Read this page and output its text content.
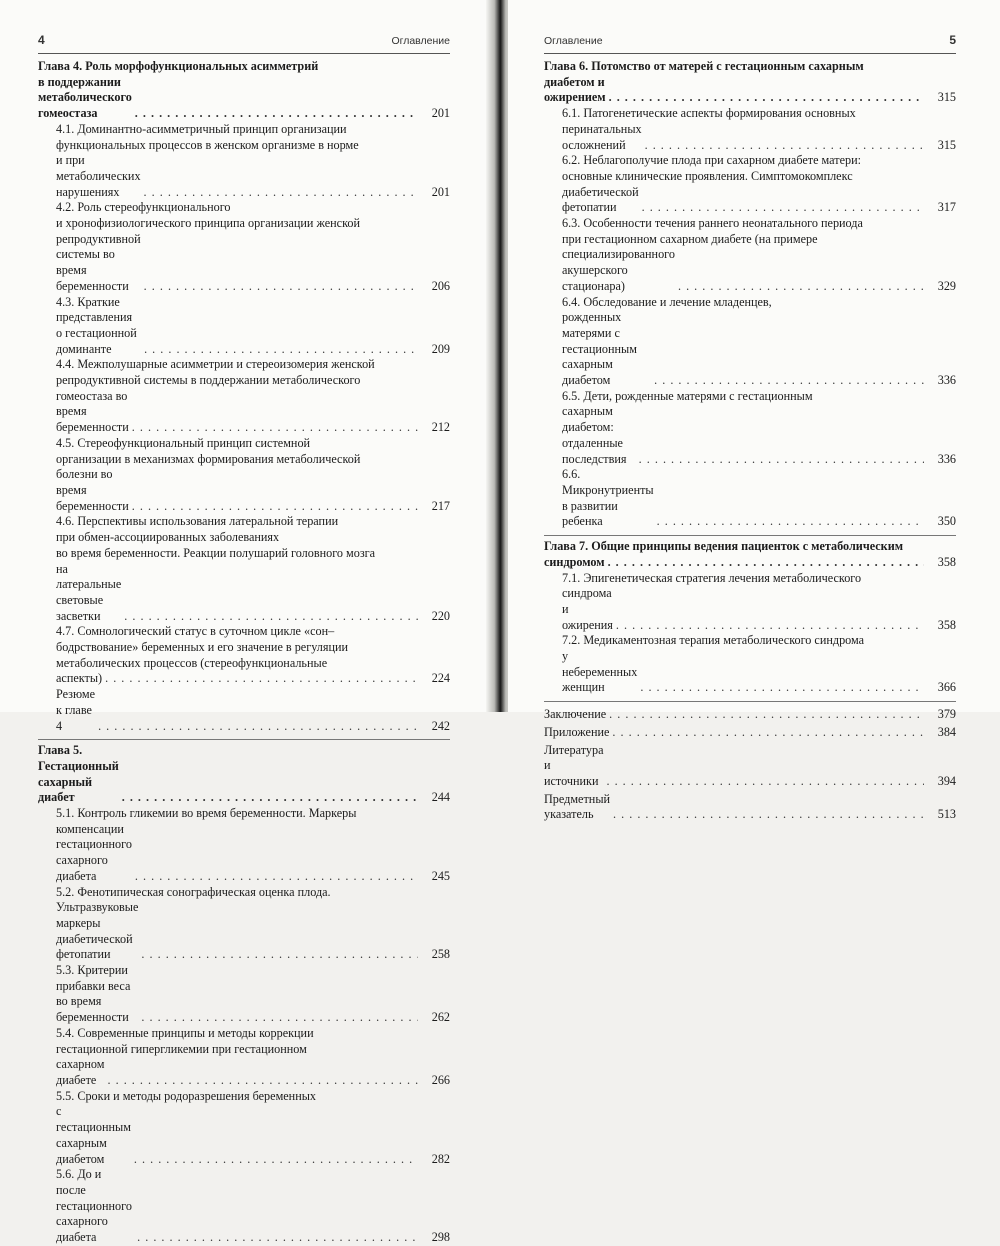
4	Оглавление
Глава 4. Роль морфофункциональных асимметрий
в поддержании метаболического гомеостаза . . .	201
4.1. Доминантно-асимметричный принцип организации
функциональных процессов в женском организме в норме
и при метаболических нарушениях . . .	201
4.2. Роль стереофункционального
и хронофизиологического принципа организации женской
репродуктивной системы во время беременности . . .	206
4.3. Краткие представления о гестационной доминанте . . .	209
4.4. Межполушарные асимметрии и стереоизомерия женской
репродуктивной системы в поддержании метаболического
гомеостаза во время беременности . . .	212
4.5. Стереофункциональный принцип системной
организации в механизмах формирования метаболической
болезни во время беременности . . .	217
4.6. Перспективы использования латеральной терапии
при обмен-ассоциированных заболеваниях
во время беременности. Реакции полушарий головного мозга
на латеральные световые засветки . . .	220
4.7. Сомнологический статус в суточном цикле «сон–
бодрствование» беременных и его значение в регуляции
метаболических процессов (стереофункциональные
аспекты) . . .	224
Резюме к главе 4 . . .	242
Глава 5. Гестационный сахарный диабет . . .	244
5.1. Контроль гликемии во время беременности. Маркеры
компенсации гестационного сахарного диабета . . .	245
5.2. Фенотипическая сонографическая оценка плода.
Ультразвуковые маркеры диабетической фетопатии . . .	258
5.3. Критерии прибавки веса во время беременности . . .	262
5.4. Современные принципы и методы коррекции
гестационной гипергликемии при гестационном
сахарном диабете . . .	266
5.5. Сроки и методы родоразрешения беременных
с гестационным сахарным диабетом . . .	282
5.6. До и после гестационного сахарного диабета . . .	298
Оглавление	5
Глава 6. Потомство от матерей с гестационным сахарным
диабетом и ожирением . . .	315
6.1. Патогенетические аспекты формирования основных
перинатальных осложнений . . .	315
6.2. Неблагополучие плода при сахарном диабете матери:
основные клинические проявления. Симптомокомплекс
диабетической фетопатии . . .	317
6.3. Особенности течения раннего неонатального периода
при гестационном сахарном диабете (на примере
специализированного акушерского стационара) . . .	329
6.4. Обследование и лечение младенцев,
рожденных матерями с гестационным сахарным диабетом . . .	336
6.5. Дети, рожденные матерями с гестационным
сахарным диабетом: отдаленные последствия . . .	336
6.6. Микронутриенты в развитии ребенка . . .	350
Глава 7. Общие принципы ведения пациенток с метаболическим
синдромом . . .	358
7.1. Эпигенетическая стратегия лечения метаболического
синдрома и ожирения . . .	358
7.2. Медикаментозная терапия метаболического синдрома
у небеременных женщин . . .	366
Заключение . . .	379
Приложение . . .	384
Литература и источники . . .	394
Предметный указатель . . .	513
